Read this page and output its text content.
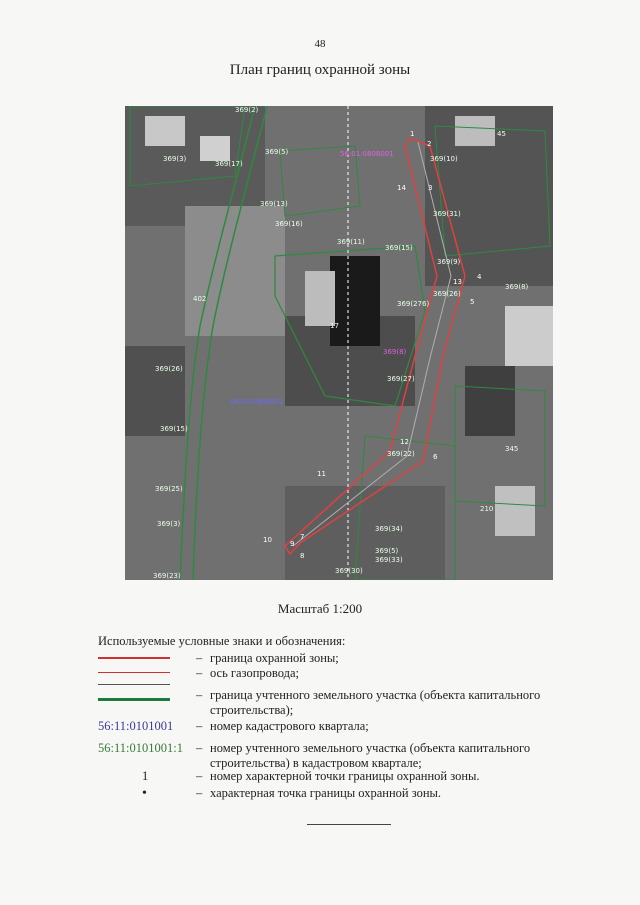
48
План границ охранной зоны
369(2)
369(3)
369(17)
369(5)
369(13)
369(16)
369(11)
369(15)
369(10)
369(31)
369(9)
369(26)
369(8)
369(276)
369(27)
369(22)
369(34)
369(5)
369(33)
369(30)
369(26)
369(15)
369(25)
369(3)
369(23)
402
17
345
210
45
56:01:0808001
369(8)
56:01:0808001
1
2
3
4
5
6
7
8
9
10
11
12
13
14
Масштаб 1:200
Используемые условные знаки и обозначения:
– граница охранной зоны;
– ось газопровода;
– граница учтенного земельного участка (объекта капитального строительства);
56:11:0101001 – номер кадастрового квартала;
56:11:0101001:1 – номер учтенного земельного участка (объекта капитального строительства) в кадастровом квартале;
1	– номер характерной точки границы охранной зоны.
•	– характерная точка границы охранной зоны.
